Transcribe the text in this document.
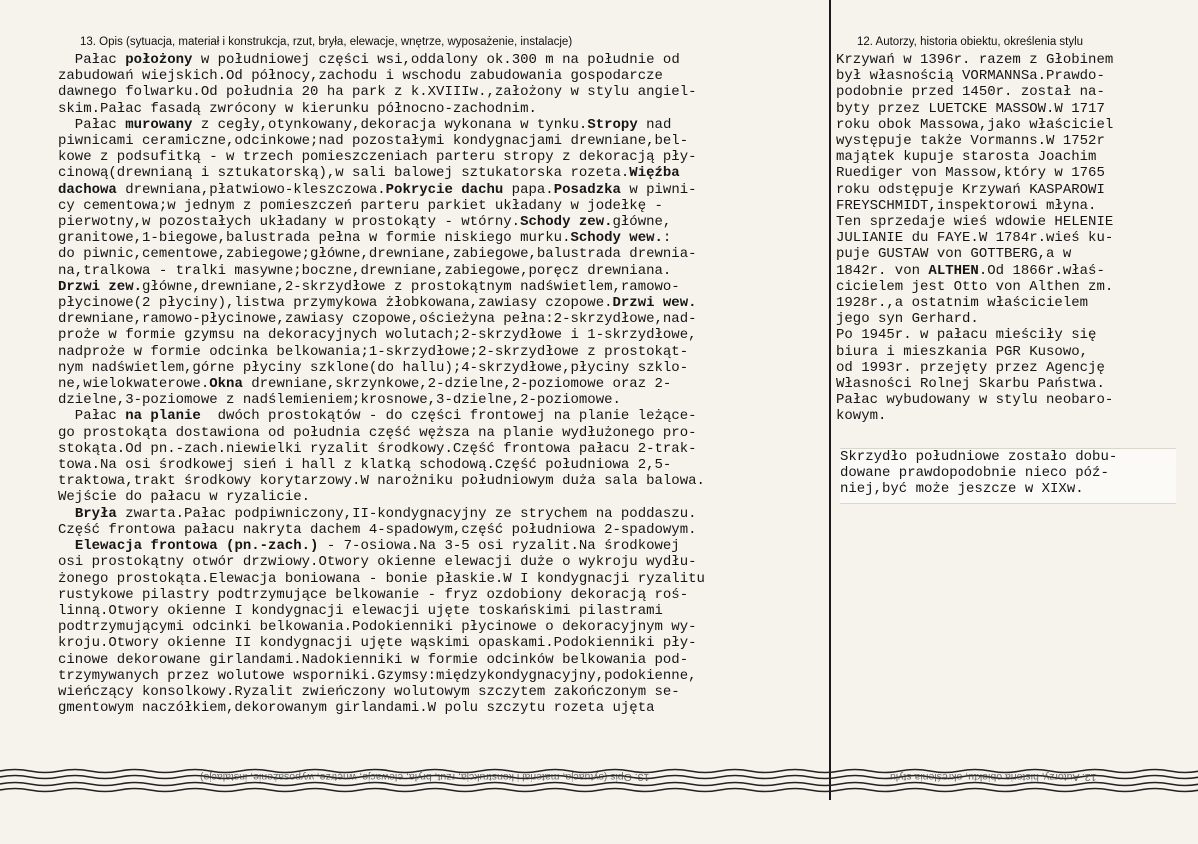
13. Opis (sytuacja, materiał i konstrukcja, rzut, bryła, elewacje, wnętrze, wyposażenie, instalacje)	12. Autorzy, historia obiektu, określenia stylu

Pałac położony w południowej części wsi,oddalony ok.300 m na południe od

zabudowań wiejskich.Od północy,zachodu i wschodu zabudowania gospodarcze

dawnego folwarku.Od południa 20 ha park z k.XVIIIw.,założony w stylu angiel-

skim.Pałac fasadą zwrócony w kierunku północno-zachodnim.

Pałac murowany z cegły,otynkowany,dekoracja wykonana w tynku.Stropy nad

piwnicami ceramiczne,odcinkowe;nad pozostałymi kondygnacjami drewniane,bel-

kowe z podsufitką - w trzech pomieszczeniach parteru stropy z dekoracją pły-

cinową(drewnianą i sztukatorską),w sali balowej sztukatorska rozeta.Więźba

dachowa drewniana,płatwiowo-kleszczowa.Pokrycie dachu papa.Posadzka w piwni-

cy cementowa;w jednym z pomieszczeń parteru parkiet układany w jodełkę -

pierwotny,w pozostałych układany w prostokąty - wtórny.Schody zew.główne,

granitowe,1-biegowe,balustrada pełna w formie niskiego murku.Schody wew.:

do piwnic,cementowe,zabiegowe;główne,drewniane,zabiegowe,balustrada drewnia-

na,tralkowa - tralki masywne;boczne,drewniane,zabiegowe,poręcz drewniana.

Drzwi zew.główne,drewniane,2-skrzydłowe z prostokątnym nadświetlem,ramowo-

płycinowe(2 płyciny),listwa przymykowa żłobkowana,zawiasy czopowe.Drzwi wew.

drewniane,ramowo-płycinowe,zawiasy czopowe,ościeżyna pełna:2-skrzydłowe,nad-

proże w formie gzymsu na dekoracyjnych wolutach;2-skrzydłowe i 1-skrzydłowe,

nadproże w formie odcinka belkowania;1-skrzydłowe;2-skrzydłowe z prostokąt-

nym nadświetlem,górne płyciny szklone(do hallu);4-skrzydłowe,płyciny szklo-

ne,wielokwaterowe.Okna drewniane,skrzynkowe,2-dzielne,2-poziomowe oraz 2-

dzielne,3-poziomowe z nadślemieniem;krosnowe,3-dzielne,2-poziomowe.

Pałac na planie  dwóch prostokątów - do części frontowej na planie leżące-

go prostokąta dostawiona od południa część węższa na planie wydłużonego pro-

stokąta.Od pn.-zach.niewielki ryzalit środkowy.Część frontowa pałacu 2-trak-

towa.Na osi środkowej sień i hall z klatką schodową.Część południowa 2,5-

traktowa,trakt środkowy korytarzowy.W narożniku południowym duża sala balowa.

Wejście do pałacu w ryzalicie.

Bryła zwarta.Pałac podpiwniczony,II-kondygnacyjny ze strychem na poddaszu.

Część frontowa pałacu nakryta dachem 4-spadowym,część południowa 2-spadowym.

Elewacja frontowa (pn.-zach.) - 7-osiowa.Na 3-5 osi ryzalit.Na środkowej

osi prostokątny otwór drzwiowy.Otwory okienne elewacji duże o wykroju wydłu-

żonego prostokąta.Elewacja boniowana - bonie płaskie.W I kondygnacji ryzalitu

rustykowe pilastry podtrzymujące belkowanie - fryz ozdobiony dekoracją roś-

linną.Otwory okienne I kondygnacji elewacji ujęte toskańskimi pilastrami

podtrzymującymi odcinki belkowania.Podokienniki płycinowe o dekoracyjnym wy-

kroju.Otwory okienne II kondygnacji ujęte wąskimi opaskami.Podokienniki pły-

cinowe dekorowane girlandami.Nadokienniki w formie odcinków belkowania pod-

trzymywanych przez wolutowe wsporniki.Gzymsy:międzykondygnacyjny,podokienne,

wieńczący konsolkowy.Ryzalit zwieńczony wolutowym szczytem zakończonym se-

gmentowym naczółkiem,dekorowanym girlandami.W polu szczytu rozeta ujęta

Krzywań w 1396r. razem z Głobinem

był własnością VORMANNSa.Prawdo-

podobnie przed 1450r. został na-

byty przez LUETCKE MASSOW.W 1717

roku obok Massowa,jako właściciel

występuje także Vormanns.W 1752r

majątek kupuje starosta Joachim

Ruediger von Massow,który w 1765

roku odstępuje Krzywań KASPAROWI

FREYSCHMIDT,inspektorowi młyna.

Ten sprzedaje wieś wdowie HELENIE

JULIANIE du FAYE.W 1784r.wieś ku-

puje GUSTAW von GOTTBERG,a w

1842r. von ALTHEN.Od 1866r.właś-

cicielem jest Otto von Althen zm.

1928r.,a ostatnim właścicielem

jego syn Gerhard.

Po 1945r. w pałacu mieściły się

biura i mieszkania PGR Kusowo,

od 1993r. przejęty przez Agencję

Własności Rolnej Skarbu Państwa.

Pałac wybudowany w stylu neobaro-

kowym.

Skrzydło południowe zostało dobu-

dowane prawdopodobnie nieco póź-

niej,być może jeszcze w XIXw.

13. Opis (sytuacja, materiał i konstrukcja, rzut, bryła, elewacje, wnętrze, wyposażenie, instalacje)	12. Autorzy, historia obiektu, określenia stylu
